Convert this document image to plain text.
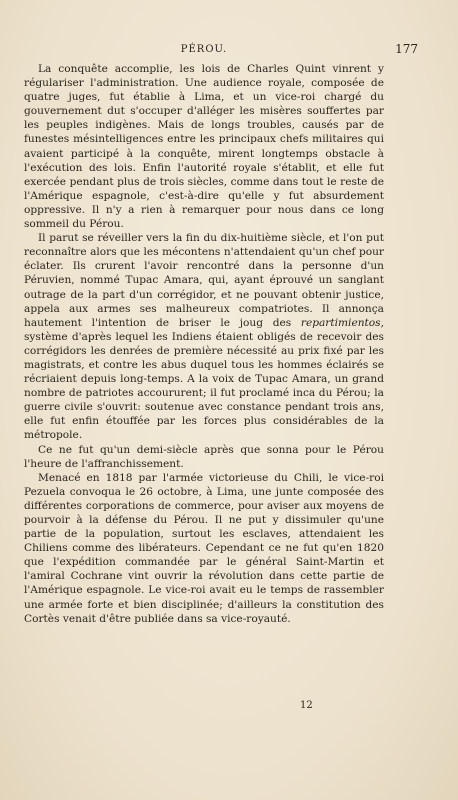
PÉROU.	177

La conquête accomplie, les lois de Charles Quint vinrent y régulariser l'administration. Une audience royale, composée de quatre juges, fut établie à Lima, et un vice-roi chargé du gouvernement dut s'occuper d'alléger les misères souffertes par les peuples indigènes. Mais de longs troubles, causés par de funestes mésintelligences entre les principaux chefs militaires qui avaient participé à la conquête, mirent longtemps obstacle à l'exécution des lois. Enfin l'autorité royale s'établit, et elle fut exercée pendant plus de trois siècles, comme dans tout le reste de l'Amérique espagnole, c'est-à-dire qu'elle y fut absurdement oppressive. Il n'y a rien à remarquer pour nous dans ce long sommeil du Pérou.

Il parut se réveiller vers la fin du dix-huitième siècle, et l'on put reconnaître alors que les mécontens n'attendaient qu'un chef pour éclater. Ils crurent l'avoir rencontré dans la personne d'un Péruvien, nommé Tupac Amara, qui, ayant éprouvé un sanglant outrage de la part d'un corrégidor, et ne pouvant obtenir justice, appela aux armes ses malheureux compatriotes. Il annonça hautement l'intention de briser le joug des repartimientos, système d'après lequel les Indiens étaient obligés de recevoir des corrégidors les denrées de première nécessité au prix fixé par les magistrats, et contre les abus duquel tous les hommes éclairés se récriaient depuis long-temps. A la voix de Tupac Amara, un grand nombre de patriotes accoururent; il fut proclamé inca du Pérou; la guerre civile s'ouvrit: soutenue avec constance pendant trois ans, elle fut enfin étouffée par les forces plus considérables de la métropole.

Ce ne fut qu'un demi-siècle après que sonna pour le Pérou l'heure de l'affranchissement.

Menacé en 1818 par l'armée victorieuse du Chili, le vice-roi Pezuela convoqua le 26 octobre, à Lima, une junte composée des différentes corporations de commerce, pour aviser aux moyens de pourvoir à la défense du Pérou. Il ne put y dissimuler qu'une partie de la population, surtout les esclaves, attendaient les Chiliens comme des libérateurs. Cependant ce ne fut qu'en 1820 que l'expédition commandée par le général Saint-Martin et l'amiral Cochrane vint ouvrir la révolution dans cette partie de l'Amérique espagnole. Le vice-roi avait eu le temps de rassembler une armée forte et bien disciplinée; d'ailleurs la constitution des Cortès venait d'être publiée dans sa vice-royauté.

12
